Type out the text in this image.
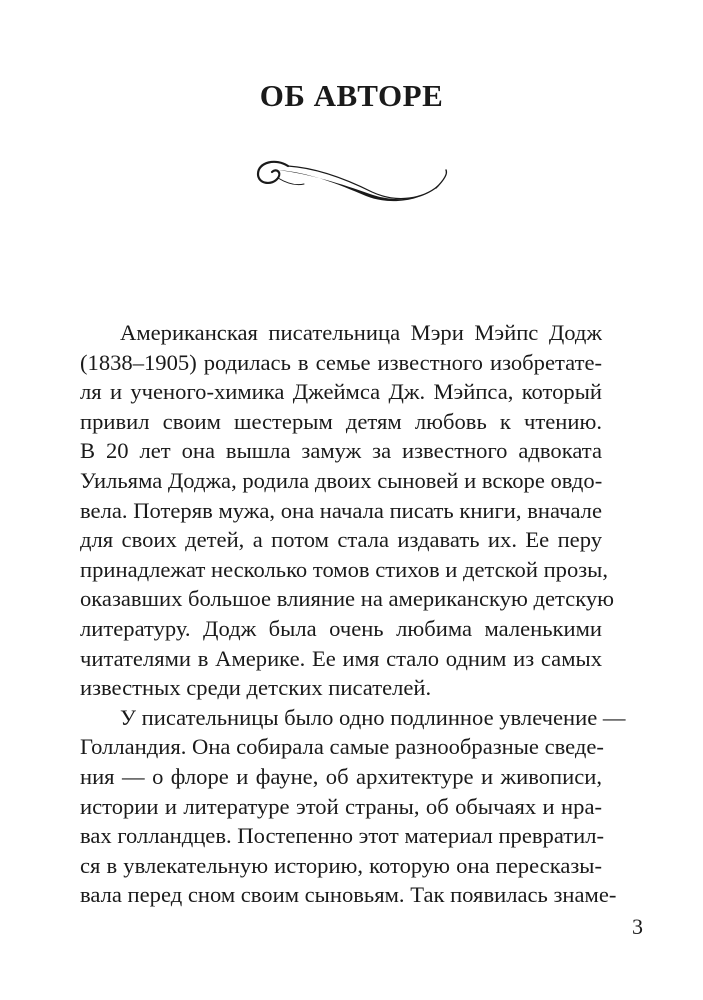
ОБ АВТОРЕ
Американская писательница Мэри Мэйпс Додж
(1838–1905) родилась в семье известного изобретате-
ля и ученого-химика Джеймса Дж. Мэйпса, который
привил своим шестерым детям любовь к чтению.
В 20 лет она вышла замуж за известного адвоката
Уильяма Доджа, родила двоих сыновей и вскоре овдо-
вела. Потеряв мужа, она начала писать книги, вначале
для своих детей, а потом стала издавать их. Ее перу
принадлежат несколько томов стихов и детской прозы,
оказавших большое влияние на американскую детскую
литературу. Додж была очень любима маленькими
читателями в Америке. Ее имя стало одним из самых
известных среди детских писателей.
У писательницы было одно подлинное увлечение —
Голландия. Она собирала самые разнообразные сведе-
ния — о флоре и фауне, об архитектуре и живописи,
истории и литературе этой страны, об обычаях и нра-
вах голландцев. Постепенно этот материал превратил-
ся в увлекательную историю, которую она пересказы-
вала перед сном своим сыновьям. Так появилась знаме-
3
